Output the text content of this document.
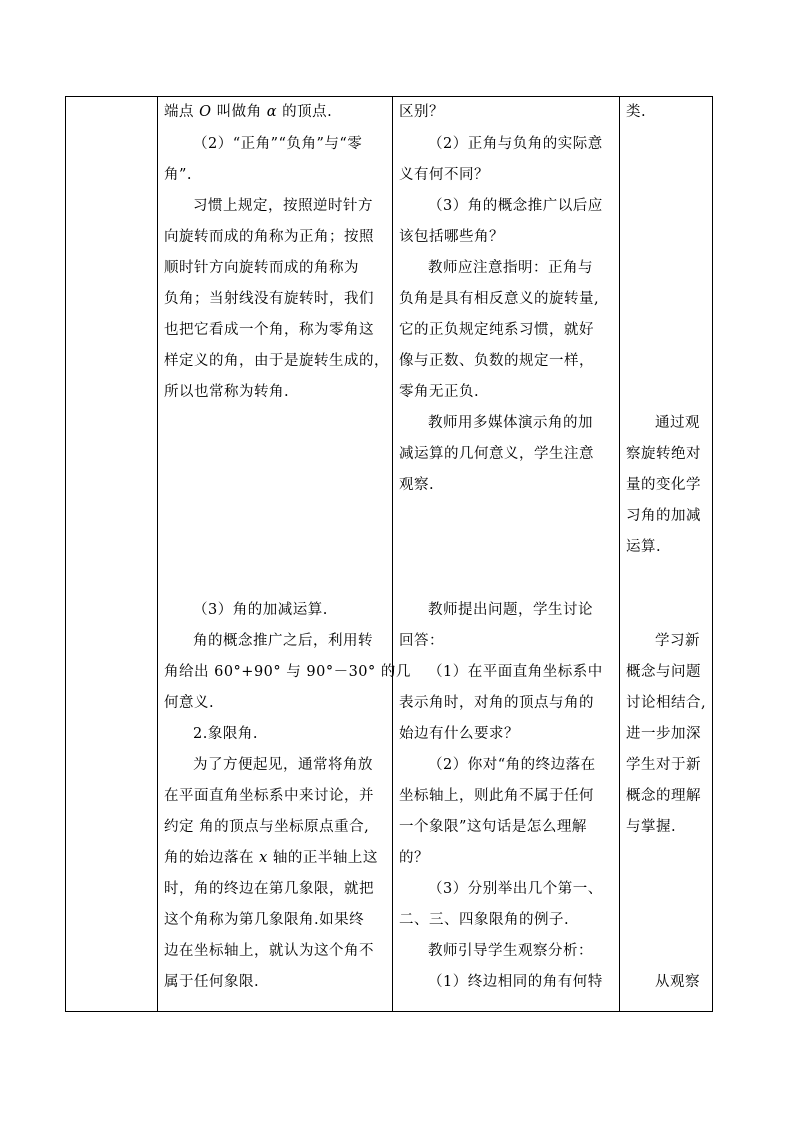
端点 O 叫做角 α 的顶点.
（2）“正角”“负角”与“零
角”.
习惯上规定，按照逆时针方
向旋转而成的角称为正角；按照
顺时针方向旋转而成的角称为
负角；当射线没有旋转时，我们
也把它看成一个角，称为零角这
样定义的角，由于是旋转生成的，
所以也常称为转角.
（3）角的加减运算.
角的概念推广之后，利用转
角给出 60°+90° 与 90°－30° 的几
何意义.
2.象限角.
为了方便起见，通常将角放
在平面直角坐标系中来讨论，并
约定 角的顶点与坐标原点重合,
角的始边落在 x 轴的正半轴上这
时，角的终边在第几象限，就把
这个角称为第几象限角.如果终
边在坐标轴上，就认为这个角不
属于任何象限.

区别？
（2）正角与负角的实际意
义有何不同？
（3）角的概念推广以后应
该包括哪些角？
教师应注意指明：正角与
负角是具有相反意义的旋转量,
它的正负规定纯系习惯，就好
像与正数、负数的规定一样，
零角无正负.
教师用多媒体演示角的加
减运算的几何意义，学生注意
观察.
教师提出问题，学生讨论
回答：
（1）在平面直角坐标系中
表示角时，对角的顶点与角的
始边有什么要求？
（2）你对“角的终边落在
坐标轴上，则此角不属于任何
一个象限”这句话是怎么理解
的？
（3）分别举出几个第一、
二、三、四象限角的例子.
教师引导学生观察分析：
（1）终边相同的角有何特

类.
通过观
察旋转绝对
量的变化学
习角的加减
运算.
学习新
概念与问题
讨论相结合,
进一步加深
学生对于新
概念的理解
与掌握.
从观察
